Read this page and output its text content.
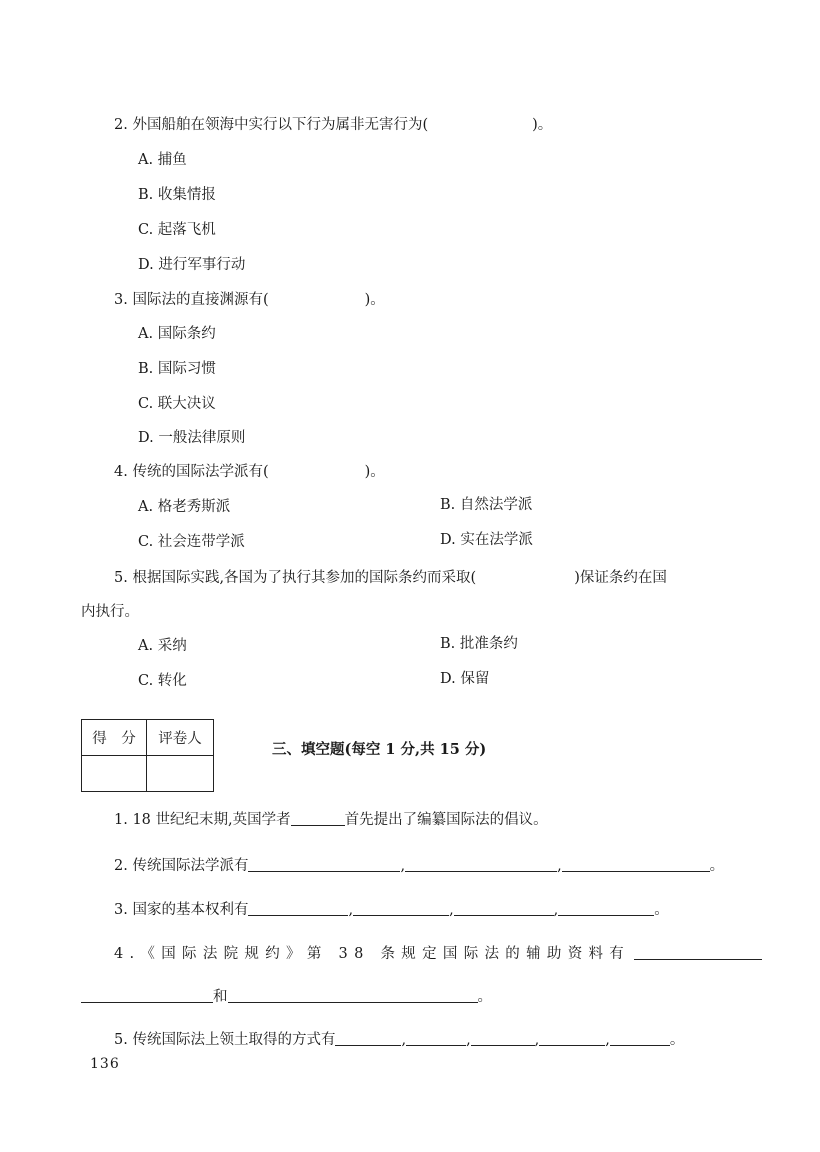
2. 外国船舶在领海中实行以下行为属非无害行为(	)。
A. 捕鱼
B. 收集情报
C. 起落飞机
D. 进行军事行动
3. 国际法的直接渊源有(	)。
A. 国际条约
B. 国际习惯
C. 联大决议
D. 一般法律原则
4. 传统的国际法学派有(	)。
A. 格老秀斯派	B. 自然法学派
C. 社会连带学派	D. 实在法学派
5. 根据国际实践,各国为了执行其参加的国际条约而采取(	)保证条约在国
内执行。
A. 采纳	B. 批准条约
C. 转化	D. 保留
得　分	评卷人

三、填空题(每空 1 分,共 15 分)
1. 18 世纪纪末期,英国学者	首先提出了编纂国际法的倡议。
2. 传统国际法学派有	,	,	。
3. 国家的基本权利有	,	,	,	。
4.《国际法院规约》第 38 条规定国际法的辅助资料有
和	。
5. 传统国际法上领土取得的方式有	,	,	,	,	。
136
